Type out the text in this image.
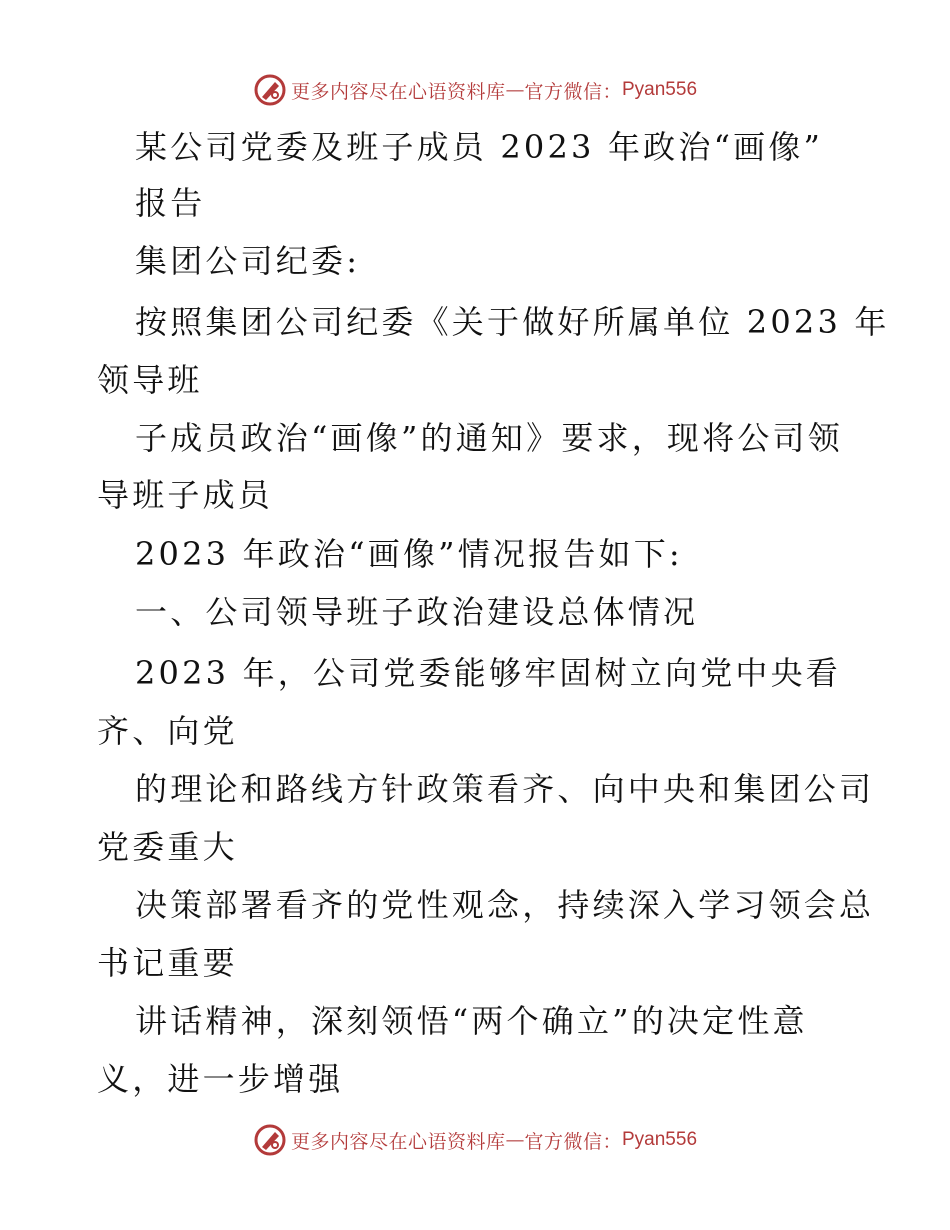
更多内容尽在心语资料库 — 官方微信： Pyan556
某公司党委及班子成员 2023 年政治“画像”
报告
集团公司纪委:
按照集团公司纪委《关于做好所属单位 2023 年
领导班
子成员政治“画像”的通知》要求，现将公司领
导班子成员
2023 年政治“画像”情况报告如下:
一、公司领导班子政治建设总体情况
2023 年，公司党委能够牢固树立向党中央看
齐、向党
的理论和路线方针政策看齐、向中央和集团公司
党委重大
决策部署看齐的党性观念，持续深入学习领会总
书记重要
讲话精神，深刻领悟“两个确立”的决定性意
义，进一步增强
更多内容尽在心语资料库 — 官方微信： Pyan556
